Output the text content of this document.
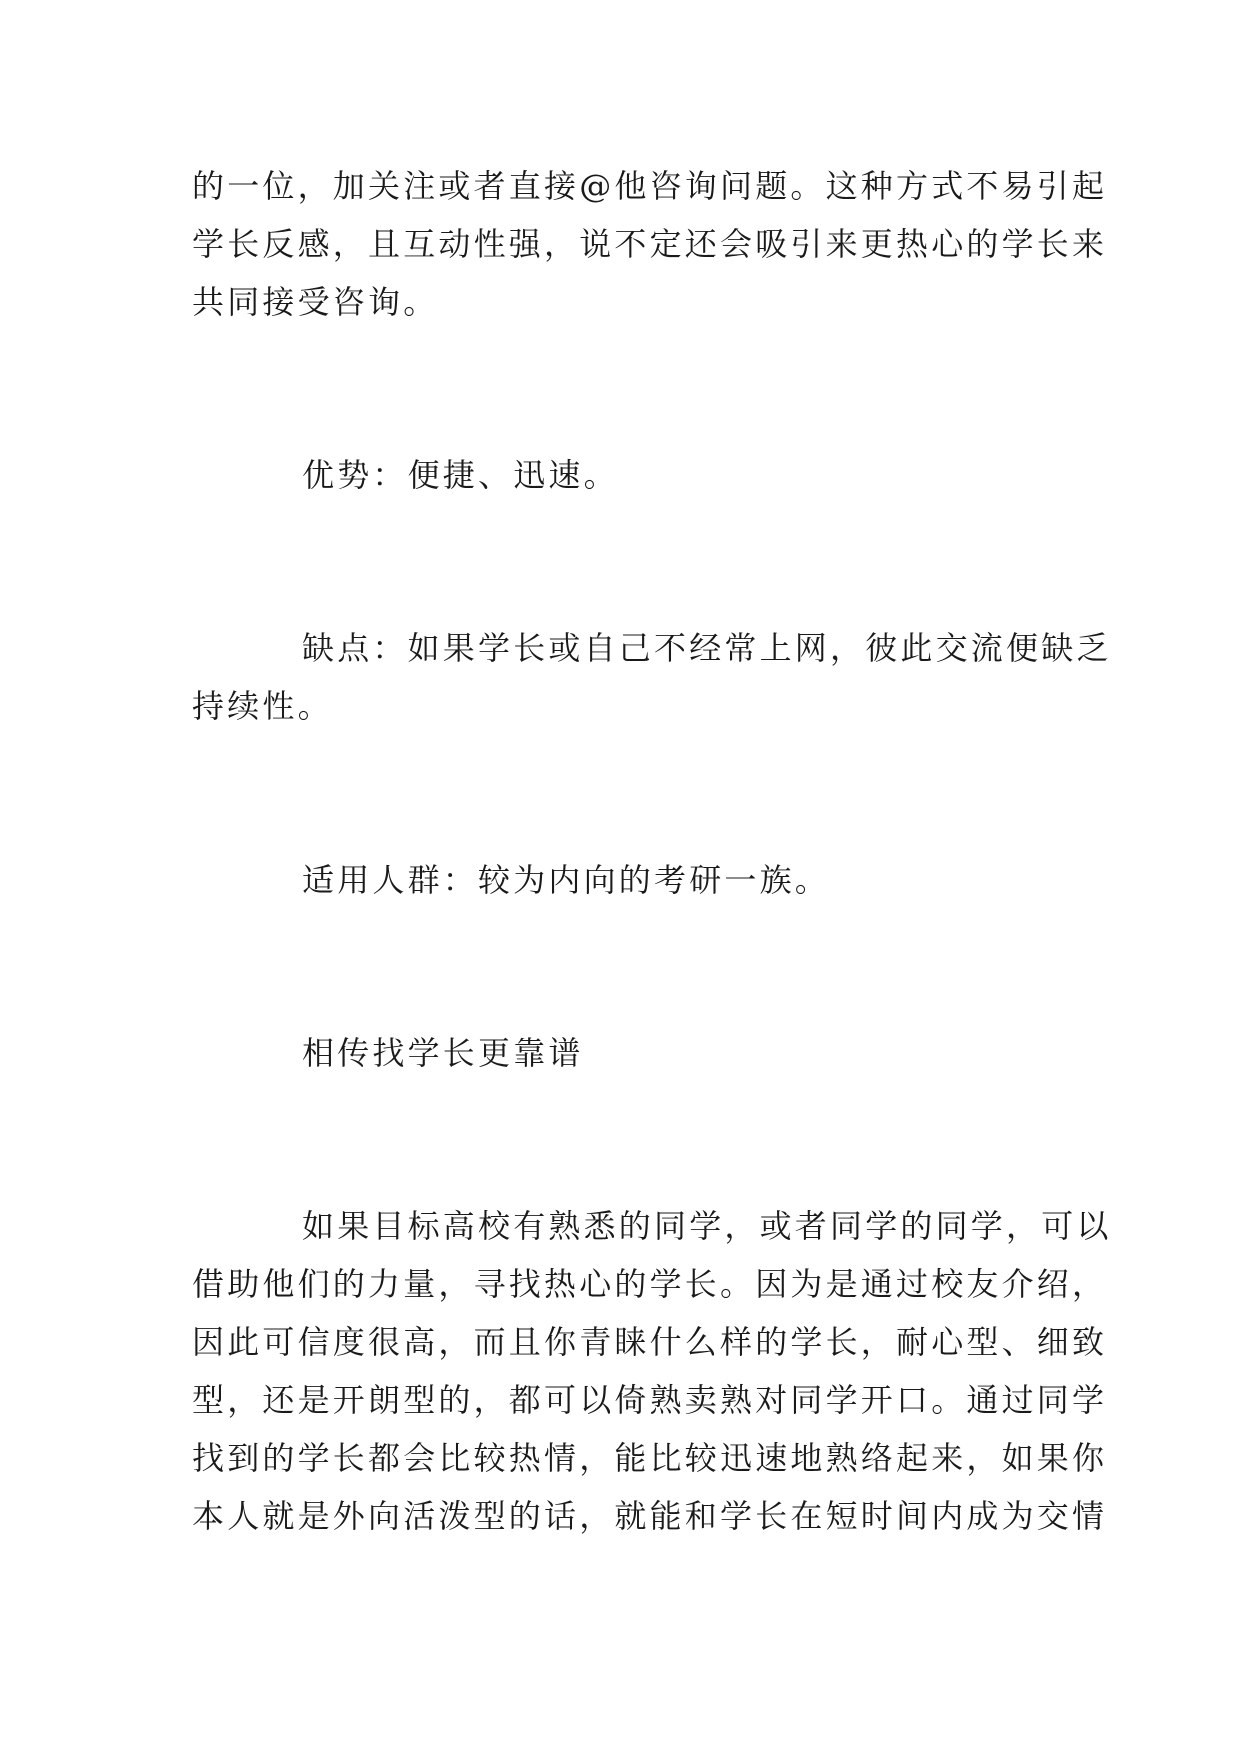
的一位，加关注或者直接@他咨询问题。这种方式不易引起
学长反感，且互动性强，说不定还会吸引来更热心的学长来
共同接受咨询。
优势：便捷、迅速。
缺点：如果学长或自己不经常上网，彼此交流便缺乏
持续性。
适用人群：较为内向的考研一族。
相传找学长更靠谱
如果目标高校有熟悉的同学，或者同学的同学，可以
借助他们的力量，寻找热心的学长。因为是通过校友介绍，
因此可信度很高，而且你青睐什么样的学长，耐心型、细致
型，还是开朗型的，都可以倚熟卖熟对同学开口。通过同学
找到的学长都会比较热情，能比较迅速地熟络起来，如果你
本人就是外向活泼型的话，就能和学长在短时间内成为交情
